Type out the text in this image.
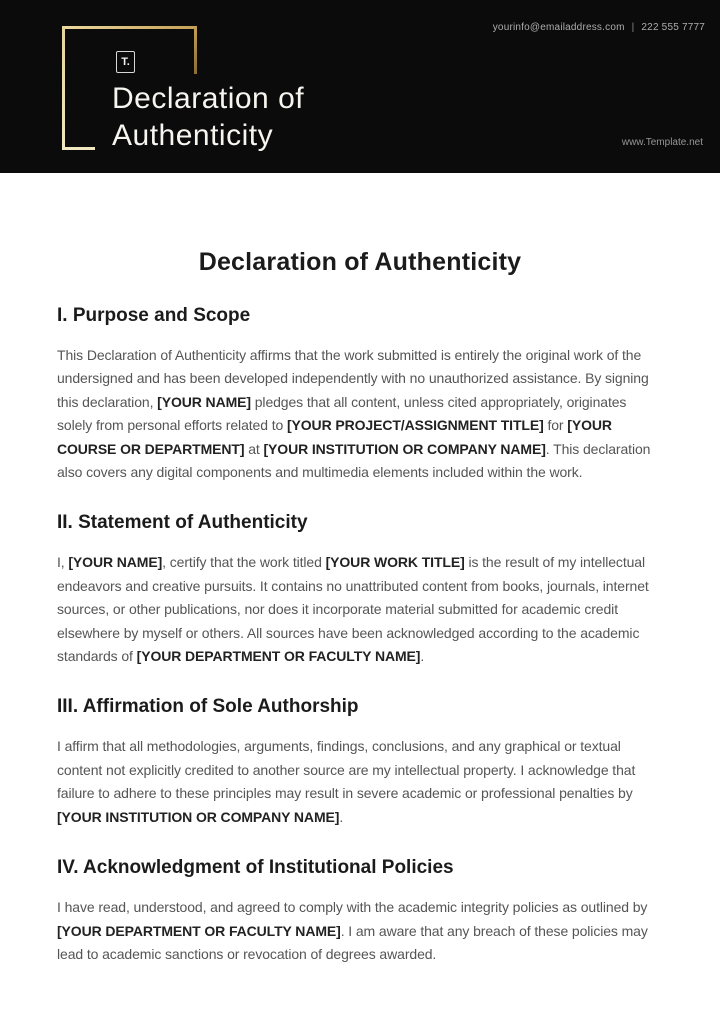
yourinfo@emailaddress.com | 222 555 7777
T.
Declaration of
Authenticity	www.Template.net
Declaration of Authenticity
I. Purpose and Scope

This Declaration of Authenticity affirms that the work submitted is entirely the original work of the undersigned and has been developed independently with no unauthorized assistance. By signing this declaration, [YOUR NAME] pledges that all content, unless cited appropriately, originates solely from personal efforts related to [YOUR PROJECT/ASSIGNMENT TITLE] for [YOUR COURSE OR DEPARTMENT] at [YOUR INSTITUTION OR COMPANY NAME]. This declaration also covers any digital components and multimedia elements included within the work.

II. Statement of Authenticity

I, [YOUR NAME], certify that the work titled [YOUR WORK TITLE] is the result of my intellectual endeavors and creative pursuits. It contains no unattributed content from books, journals, internet sources, or other publications, nor does it incorporate material submitted for academic credit elsewhere by myself or others. All sources have been acknowledged according to the academic standards of [YOUR DEPARTMENT OR FACULTY NAME].

III. Affirmation of Sole Authorship

I affirm that all methodologies, arguments, findings, conclusions, and any graphical or textual content not explicitly credited to another source are my intellectual property. I acknowledge that failure to adhere to these principles may result in severe academic or professional penalties by [YOUR INSTITUTION OR COMPANY NAME].

IV. Acknowledgment of Institutional Policies

I have read, understood, and agreed to comply with the academic integrity policies as outlined by [YOUR DEPARTMENT OR FACULTY NAME]. I am aware that any breach of these policies may lead to academic sanctions or revocation of degrees awarded.
